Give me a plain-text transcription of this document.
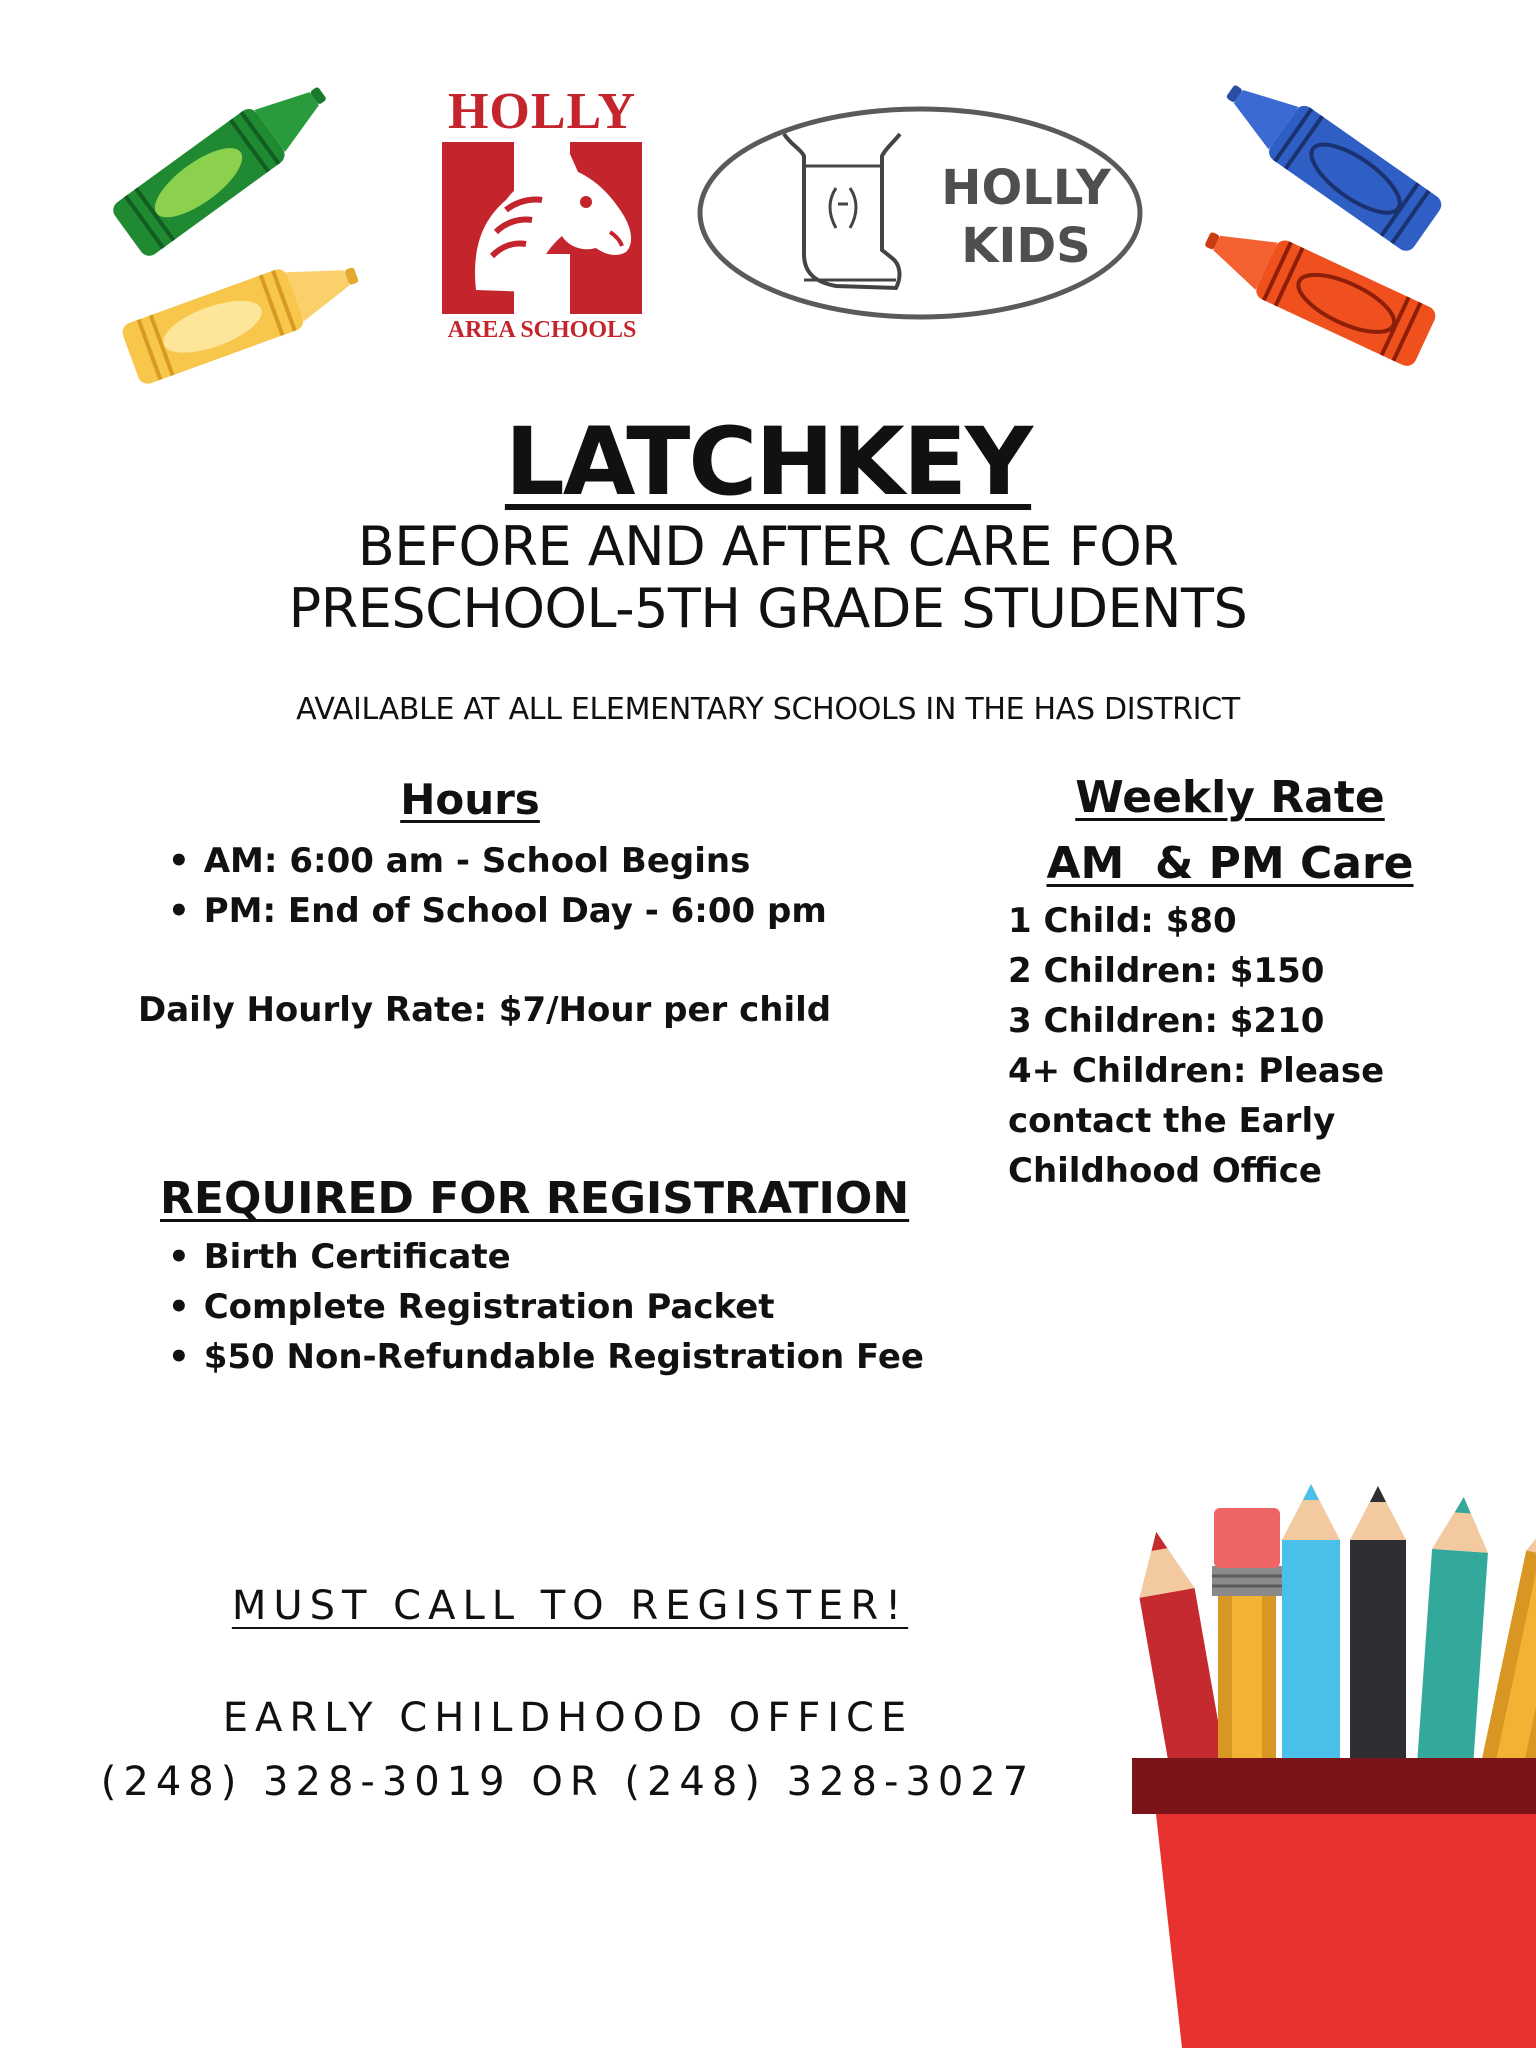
HOLLY
AREA SCHOOLS
HOLLY
KIDS
LATCHKEY
BEFORE AND AFTER CARE FOR
PRESCHOOL-5TH GRADE STUDENTS
AVAILABLE AT ALL ELEMENTARY SCHOOLS IN THE HAS DISTRICT
Hours
• AM: 6:00 am - School Begins
• PM: End of School Day - 6:00 pm
Daily Hourly Rate: $7/Hour per child
Weekly Rate
AM  & PM Care
1 Child: $80
2 Children: $150
3 Children: $210
4+ Children: Please
contact the Early
Childhood Office
REQUIRED FOR REGISTRATION
• Birth Certificate
• Complete Registration Packet
• $50 Non-Refundable Registration Fee
MUST CALL TO REGISTER!
EARLY CHILDHOOD OFFICE
(248) 328-3019 OR (248) 328-3027
